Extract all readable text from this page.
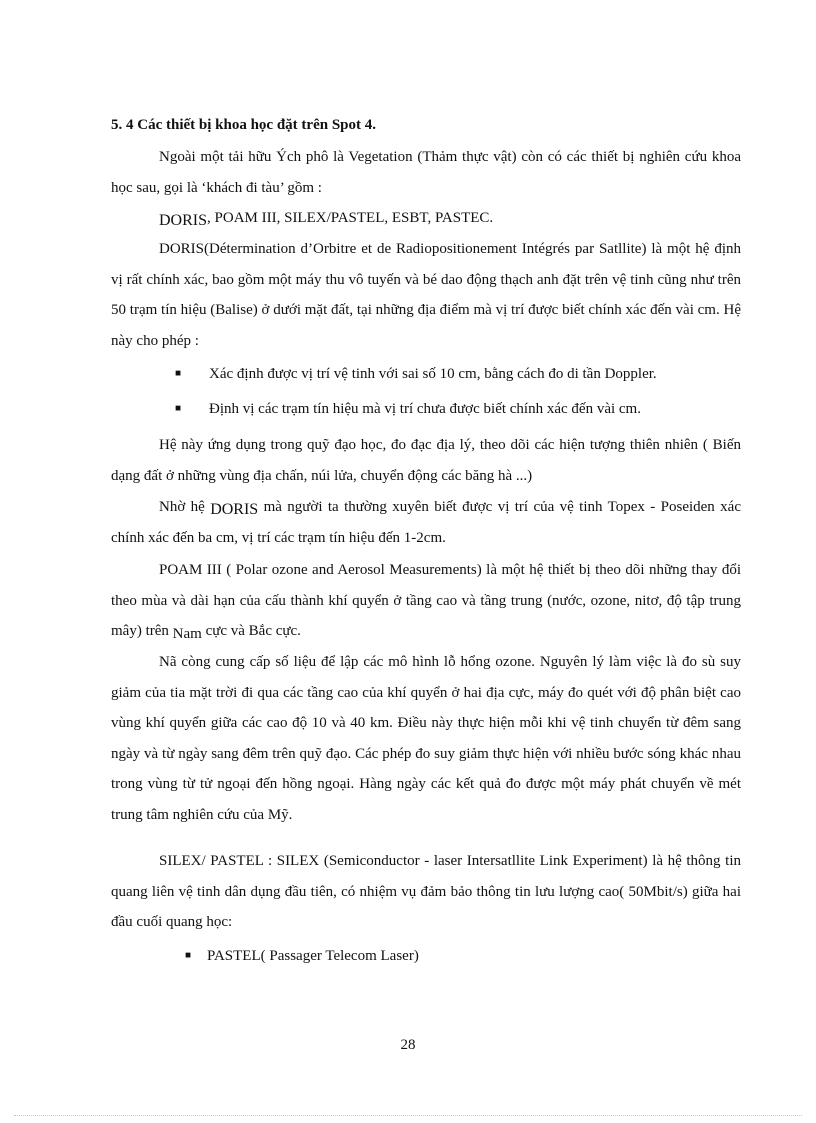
5. 4 Các thiết bị khoa học đặt trên Spot 4.

Ngoài một tải hữu Ých phô là Vegetation (Thảm thực vật) còn có các thiết bị nghiên cứu khoa học sau, gọi là ‘khách đi tàu’ gồm :

DORIS, POAM III, SILEX/PASTEL, ESBT, PASTEC.

DORIS(Détermination d’Orbitre et de Radiopositionement Intégrés par Satllite) là một hệ định vị rất chính xác, bao gồm một máy thu vô tuyến và bé dao động thạch anh đặt trên vệ tinh cũng như trên 50 trạm tín hiệu (Balise) ở dưới mặt đất, tại những địa điểm mà vị trí được biết chính xác đến vài cm. Hệ này cho phép :

■ Xác định được vị trí vệ tinh với sai số 10 cm, bằng cách đo di tần Doppler.
■ Định vị các trạm tín hiệu mà vị trí chưa được biết chính xác đến vài cm.

Hệ này ứng dụng trong quỹ đạo học, đo đạc địa lý, theo dõi các hiện tượng thiên nhiên ( Biến dạng đất ở những vùng địa chấn, núi lửa, chuyển động các băng hà ...)

Nhờ hệ DORIS mà người ta thường xuyên biết được vị trí của vệ tinh Topex - Poseiden xác chính xác đến ba cm, vị trí các trạm tín hiệu đến 1-2cm.

POAM III ( Polar ozone and Aerosol Measurements) là một hệ thiết bị theo dõi những thay đổi theo mùa và dài hạn của cấu thành khí quyển ở tầng cao và tầng trung (nước, ozone, nitơ, độ tập trung mây) trên Nam cực và Bắc cực.

Nã còng cung cấp số liệu để lập các mô hình lỗ hổng ozone. Nguyên lý làm việc là đo sù suy giảm của tia mặt trời đi qua các tầng cao của khí quyển ở hai địa cực, máy đo quét với độ phân biệt cao vùng khí quyển giữa các cao độ 10 và 40 km. Điều này thực hiện mỗi khi vệ tinh chuyển từ đêm sang ngày và từ ngày sang đêm trên quỹ đạo. Các phép đo suy giảm thực hiện với nhiều bước sóng khác nhau trong vùng từ tử ngoại đến hồng ngoại. Hàng ngày các kết quả đo được một máy phát chuyển về mét trung tâm nghiên cứu của Mỹ.

SILEX/ PASTEL : SILEX (Semiconductor - laser Intersatllite Link Experiment) là hệ thông tin quang liên vệ tinh dân dụng đầu tiên, có nhiệm vụ đảm bảo thông tin lưu lượng cao( 50Mbit/s) giữa hai đầu cuối quang học:

■ PASTEL( Passager Telecom Laser)
28
